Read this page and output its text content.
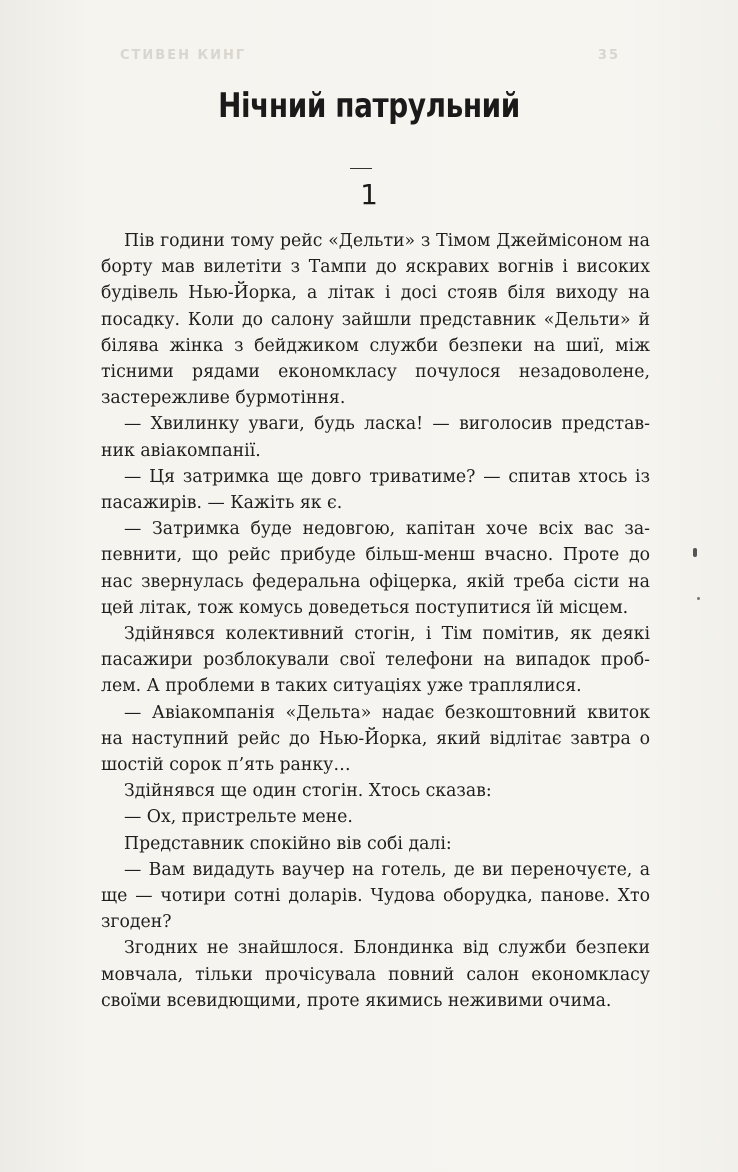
СТИВЕН КИНГ	35
Нічний патрульний
1

Пів години тому рейс «Дельти» з Тімом Джеймісоном на борту мав вилетіти з Тампи до яскравих вогнів і високих будівель Нью-Йорка, а літак і досі стояв біля виходу на посадку. Коли до салону зайшли представник «Дельти» й білява жінка з бейджиком служби безпеки на шиї, між тісними рядами економкласу почулося незадоволене, застережливе бурмотіння.

— Хвилинку уваги, будь ласка! — виголосив представник авіакомпанії.

— Ця затримка ще довго триватиме? — спитав хтось із пасажирів. — Кажіть як є.

— Затримка буде недовгою, капітан хоче всіх вас запевнити, що рейс прибуде більш-менш вчасно. Проте до нас звернулась федеральна офіцерка, якій треба сісти на цей літак, тож комусь доведеться поступитися їй місцем.

Здійнявся колективний стогін, і Тім помітив, як деякі пасажири розблокували свої телефони на випадок проблем. А проблеми в таких ситуаціях уже траплялися.

— Авіакомпанія «Дельта» надає безкоштовний квиток на наступний рейс до Нью-Йорка, який відлітає завтра о шостій сорок п’ять ранку…

Здійнявся ще один стогін. Хтось сказав:

— Ох, пристрельте мене.

Представник спокійно вів собі далі:

— Вам видадуть ваучер на готель, де ви переночуєте, а ще — чотири сотні доларів. Чудова оборудка, панове. Хто згоден?

Згодних не знайшлося. Блондинка від служби безпеки мовчала, тільки прочісувала повний салон економкласу своїми всевидющими, проте якимись неживими очима.
